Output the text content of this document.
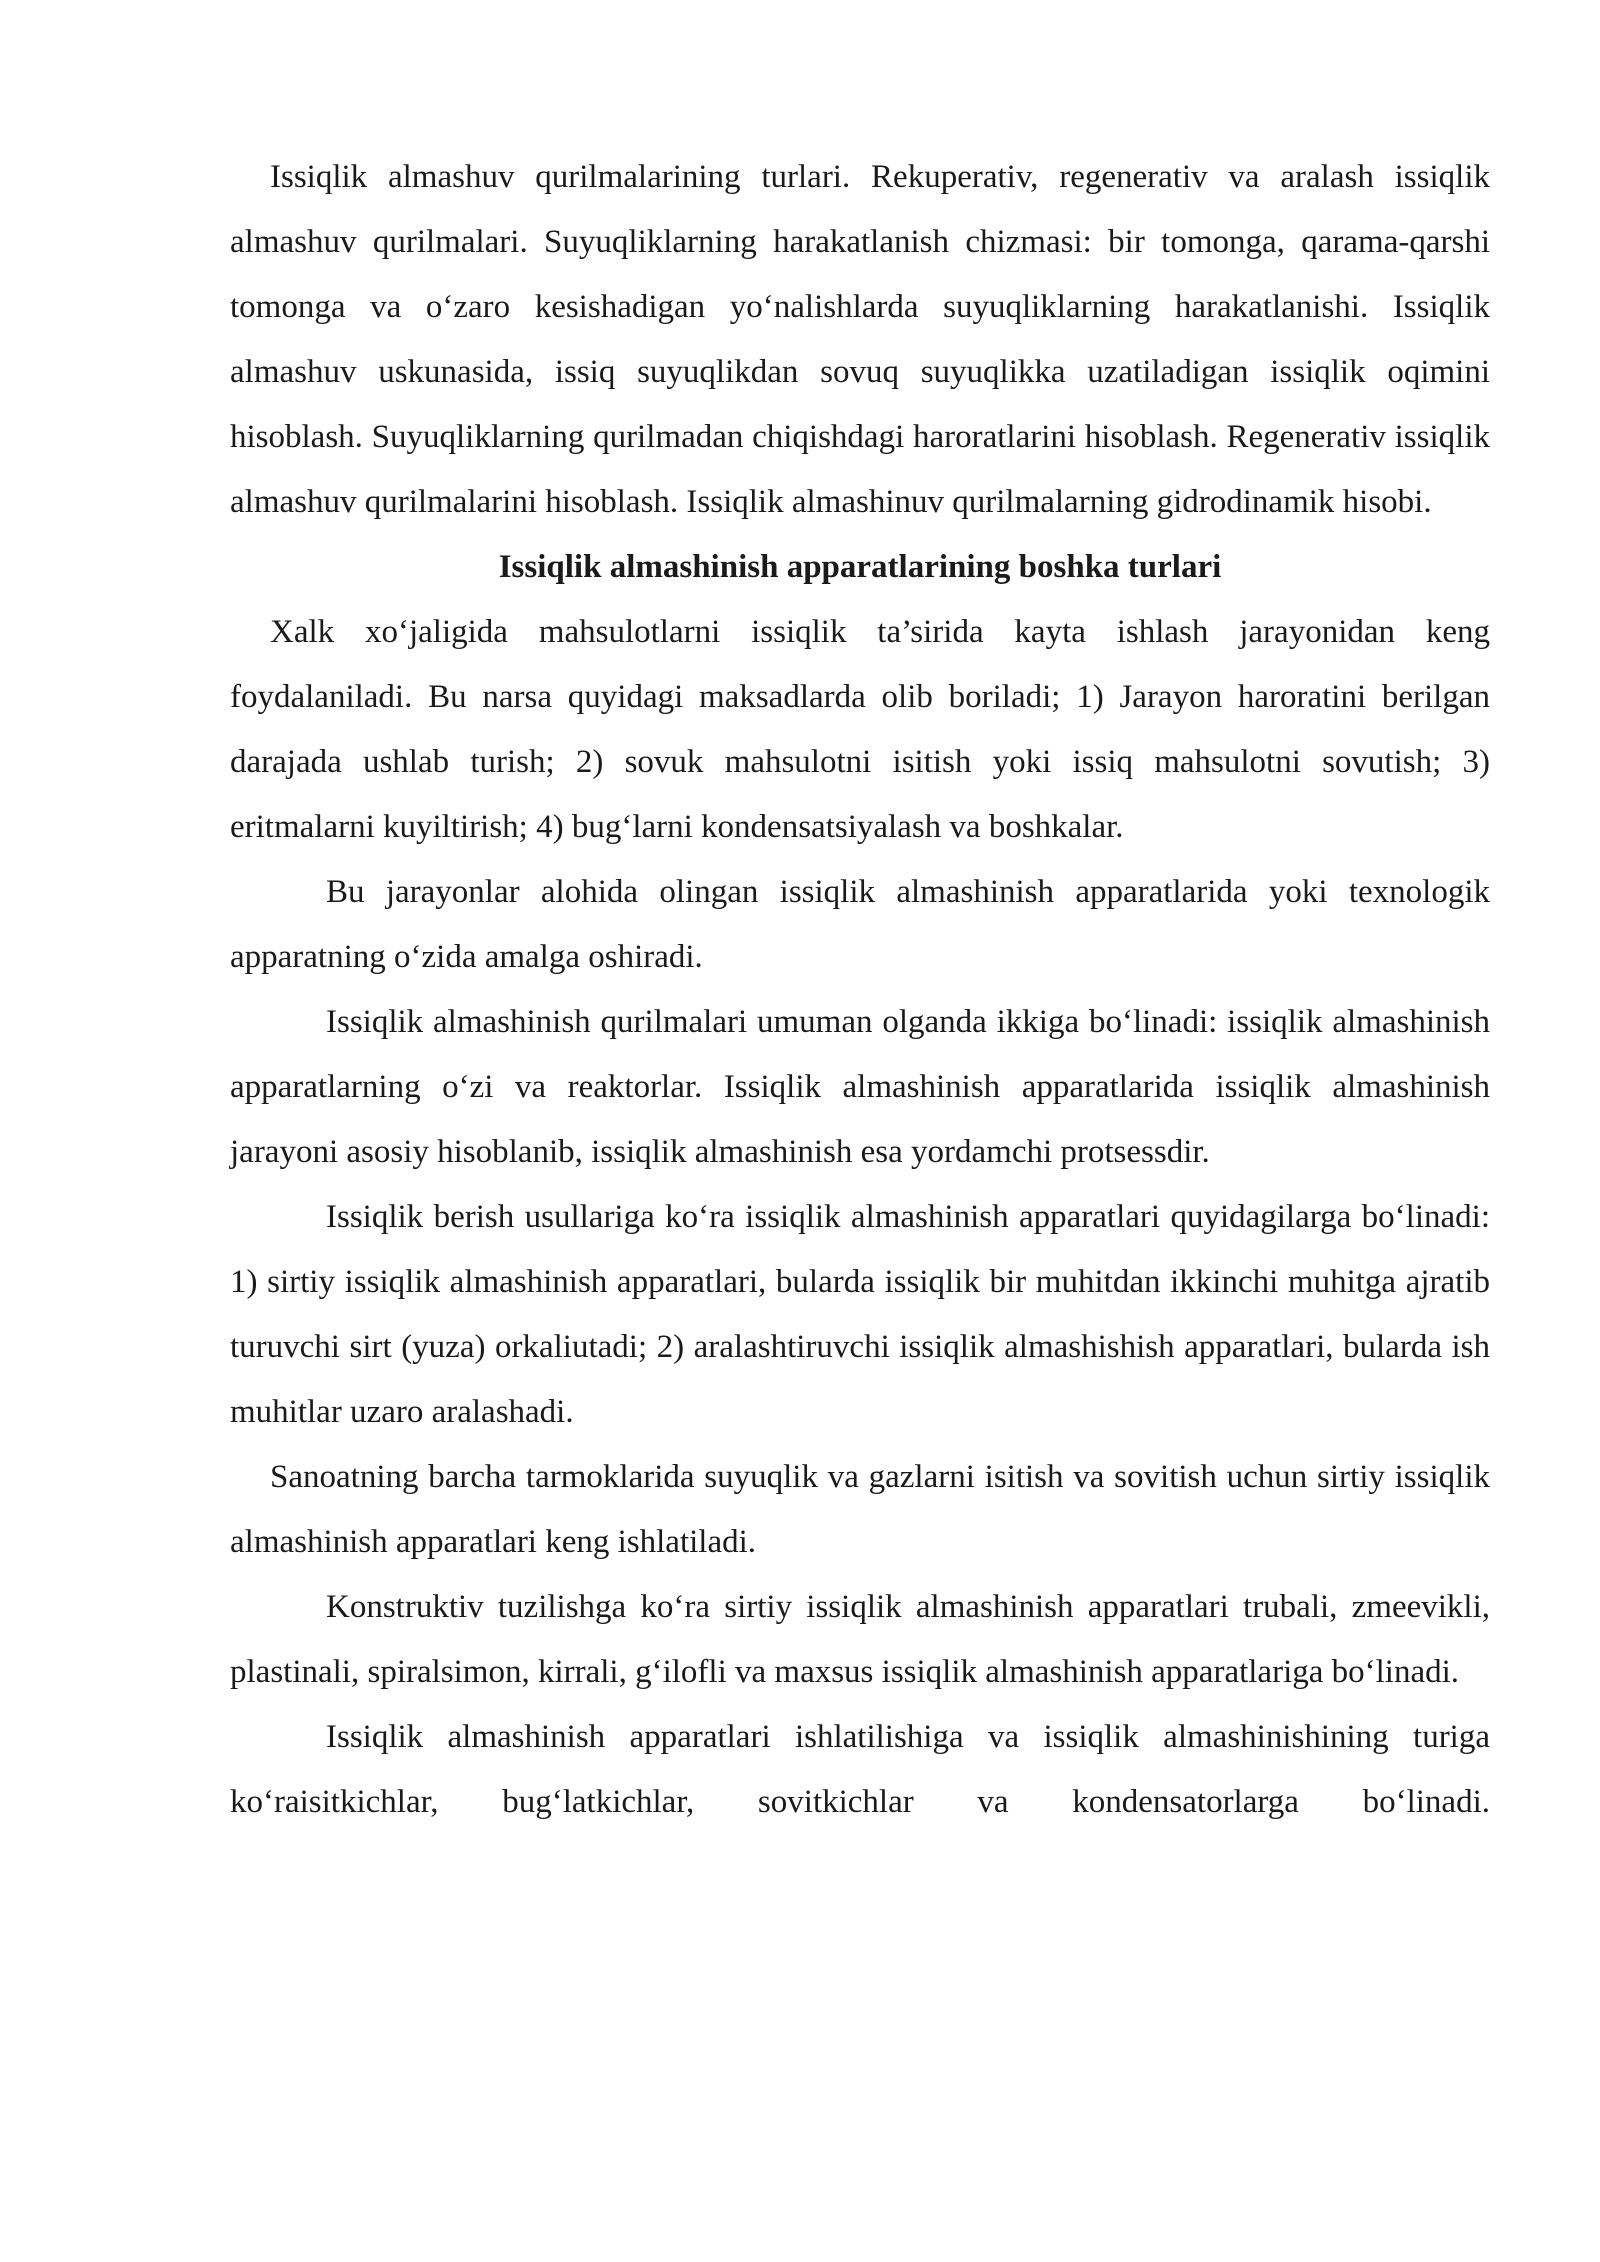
Issiqlik almashuv qurilmalarining turlari. Rekuperativ, regenerativ va aralash issiqlik almashuv qurilmalari. Suyuqliklarning harakatlanish chizmasi: bir tomonga, qarama-qarshi tomonga va o‘zaro kesishadigan yo‘nalishlarda suyuqliklarning harakatlanishi. Issiqlik almashuv uskunasida, issiq suyuqlikdan sovuq suyuqlikka uzatiladigan issiqlik oqimini hisoblash. Suyuqliklarning qurilmadan chiqishdagi haroratlarini hisoblash. Regenerativ issiqlik almashuv qurilmalarini hisoblash. Issiqlik almashinuv qurilmalarning gidrodinamik hisobi.

Issiqlik almashinish apparatlarining boshka turlari

Xalk xo‘jaligida mahsulotlarni issiqlik ta’sirida kayta ishlash jarayonidan keng foydalaniladi. Bu narsa quyidagi maksadlarda olib boriladi; 1) Jarayon haroratini berilgan darajada ushlab turish; 2) sovuk mahsulotni isitish yoki issiq mahsulotni sovutish; 3) eritmalarni kuyiltirish; 4) bug‘larni kondensatsiyalash va boshkalar.

Bu jarayonlar alohida olingan issiqlik almashinish apparatlarida yoki texnologik apparatning o‘zida amalga oshiradi.

Issiqlik almashinish qurilmalari umuman olganda ikkiga bo‘linadi: issiqlik almashinish apparatlarning o‘zi va reaktorlar. Issiqlik almashinish apparatlarida issiqlik almashinish jarayoni asosiy hisoblanib, issiqlik almashinish esa yordamchi protsessdir.

Issiqlik berish usullariga ko‘ra issiqlik almashinish apparatlari quyidagilarga bo‘linadi: 1) sirtiy issiqlik almashinish apparatlari, bularda issiqlik bir muhitdan ikkinchi muhitga ajratib turuvchi sirt (yuza) orkaliutadi; 2) aralashtiruvchi issiqlik almashishish apparatlari, bularda ish muhitlar uzaro aralashadi.

Sanoatning barcha tarmoklarida suyuqlik va gazlarni isitish va sovitish uchun sirtiy issiqlik almashinish apparatlari keng ishlatiladi.

Konstruktiv tuzilishga ko‘ra sirtiy issiqlik almashinish apparatlari trubali, zmeevikli, plastinali, spiralsimon, kirrali, g‘ilofli va maxsus issiqlik almashinish apparatlariga bo‘linadi.

Issiqlik almashinish apparatlari ishlatilishiga va issiqlik almashinishining turiga ko‘raisitkichlar, bug‘latkichlar, sovitkichlar va kondensatorlarga bo‘linadi.
